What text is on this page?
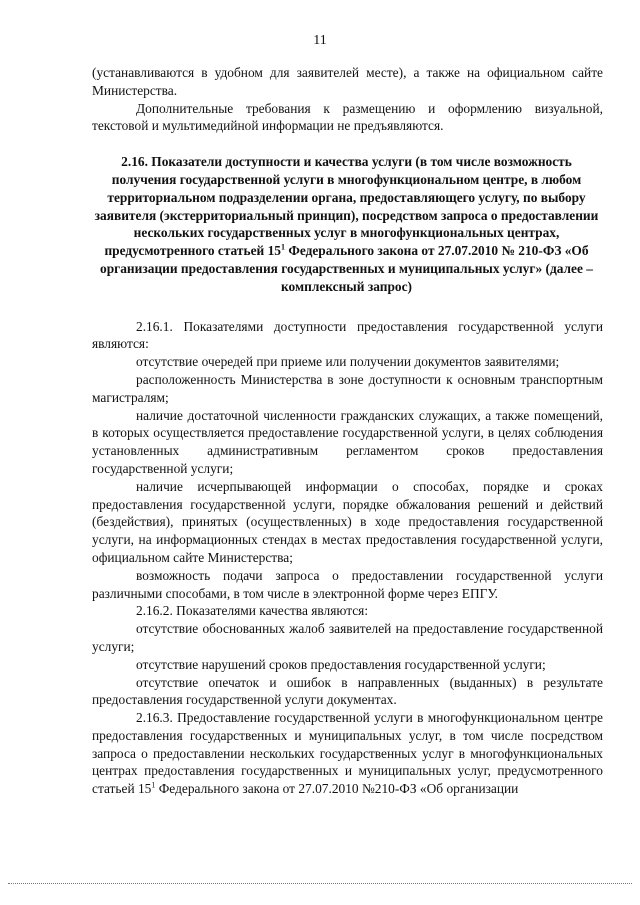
11

(устанавливаются в удобном для заявителей месте), а также на официальном сайте Министерства.

Дополнительные требования к размещению и оформлению визуальной, текстовой и мультимедийной информации не предъявляются.

2.16. Показатели доступности и качества услуги (в том числе возможность получения государственной услуги в многофункциональном центре, в любом территориальном подразделении органа, предоставляющего услугу, по выбору заявителя (экстерриториальный принцип), посредством запроса о предоставлении нескольких государственных услуг в многофункциональных центрах, предусмотренного статьей $15^1$ Федерального закона от 27.07.2010 № 210-ФЗ «Об организации предоставления государственных и муниципальных услуг» (далее – комплексный запрос)

2.16.1. Показателями доступности предоставления государственной услуги являются:

отсутствие очередей при приеме или получении документов заявителями;

расположенность Министерства в зоне доступности к основным транспортным магистралям;

наличие достаточной численности гражданских служащих, а также помещений, в которых осуществляется предоставление государственной услуги, в целях соблюдения установленных административным регламентом сроков предоставления государственной услуги;

наличие исчерпывающей информации о способах, порядке и сроках предоставления государственной услуги, порядке обжалования решений и действий (бездействия), принятых (осуществленных) в ходе предоставления государственной услуги, на информационных стендах в местах предоставления государственной услуги, официальном сайте Министерства;

возможность подачи запроса о предоставлении государственной услуги различными способами, в том числе в электронной форме через ЕПГУ.

2.16.2. Показателями качества являются:

отсутствие обоснованных жалоб заявителей на предоставление государственной услуги;

отсутствие нарушений сроков предоставления государственной услуги;

отсутствие опечаток и ошибок в направленных (выданных) в результате предоставления государственной услуги документах.

2.16.3. Предоставление государственной услуги в многофункциональном центре предоставления государственных и муниципальных услуг, в том числе посредством запроса о предоставлении нескольких государственных услуг в многофункциональных центрах предоставления государственных и муниципальных услуг, предусмотренного статьей $15^1$ Федерального закона от 27.07.2010 №210-ФЗ «Об организации
